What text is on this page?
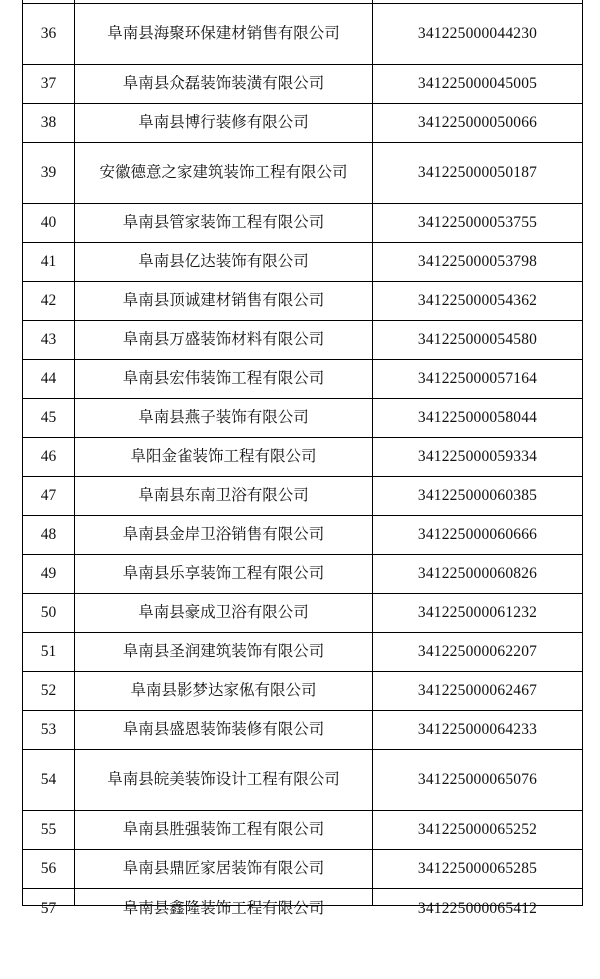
36	阜南县海聚环保建材销售有限公司	341225000044230
37	阜南县众磊装饰装潢有限公司	341225000045005
38	阜南县博行装修有限公司	341225000050066
39	安徽德意之家建筑装饰工程有限公司	341225000050187
40	阜南县管家装饰工程有限公司	341225000053755
41	阜南县亿达装饰有限公司	341225000053798
42	阜南县顶诚建材销售有限公司	341225000054362
43	阜南县万盛装饰材料有限公司	341225000054580
44	阜南县宏伟装饰工程有限公司	341225000057164
45	阜南县燕子装饰有限公司	341225000058044
46	阜阳金雀装饰工程有限公司	341225000059334
47	阜南县东南卫浴有限公司	341225000060385
48	阜南县金岸卫浴销售有限公司	341225000060666
49	阜南县乐享装饰工程有限公司	341225000060826
50	阜南县豪成卫浴有限公司	341225000061232
51	阜南县圣润建筑装饰有限公司	341225000062207
52	阜南县影梦达家俬有限公司	341225000062467
53	阜南县盛恩装饰装修有限公司	341225000064233
54	阜南县皖美装饰设计工程有限公司	341225000065076
55	阜南县胜强装饰工程有限公司	341225000065252
56	阜南县鼎匠家居装饰有限公司	341225000065285

57	阜南县鑫隆装饰工程有限公司	341225000065412
